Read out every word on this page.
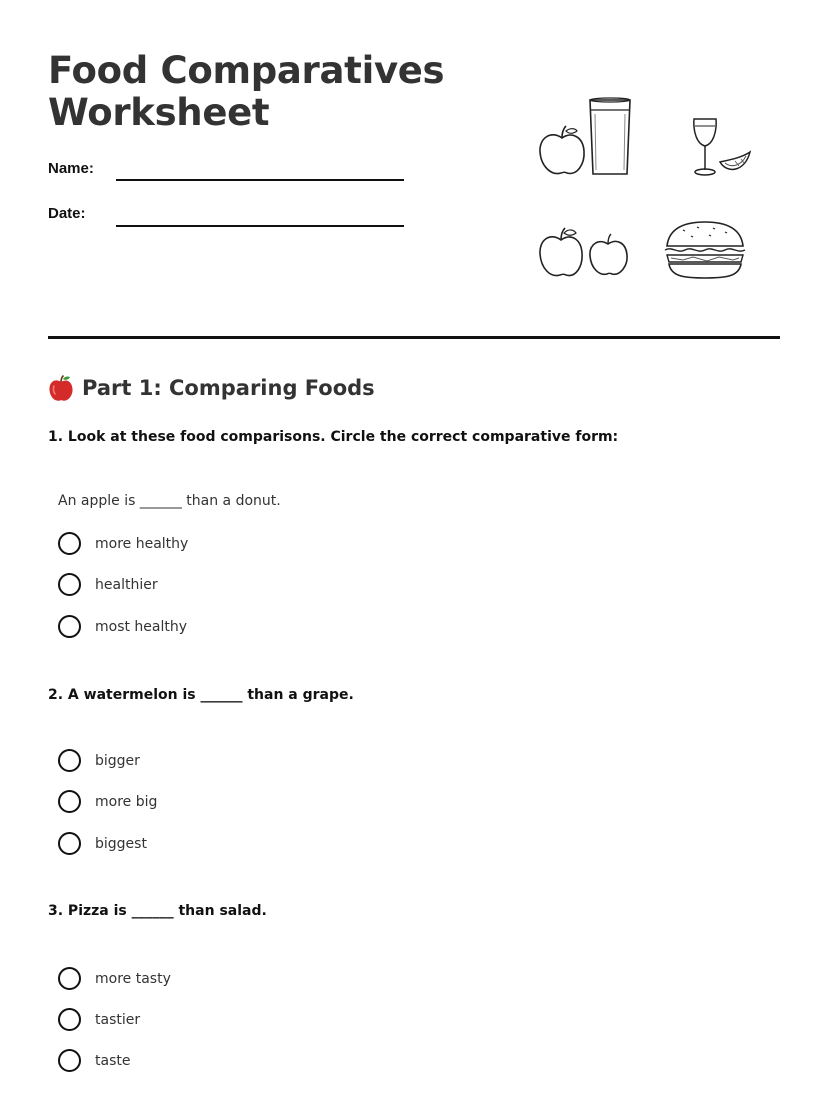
Food Comparatives
Worksheet
Name:
Date:
Part 1: Comparing Foods
1. Look at these food comparisons. Circle the correct comparative form:
An apple is ______ than a donut.
more healthy
healthier
most healthy
2. A watermelon is ______ than a grape.
bigger
more big
biggest
3. Pizza is ______ than salad.
more tasty
tastier
taste
